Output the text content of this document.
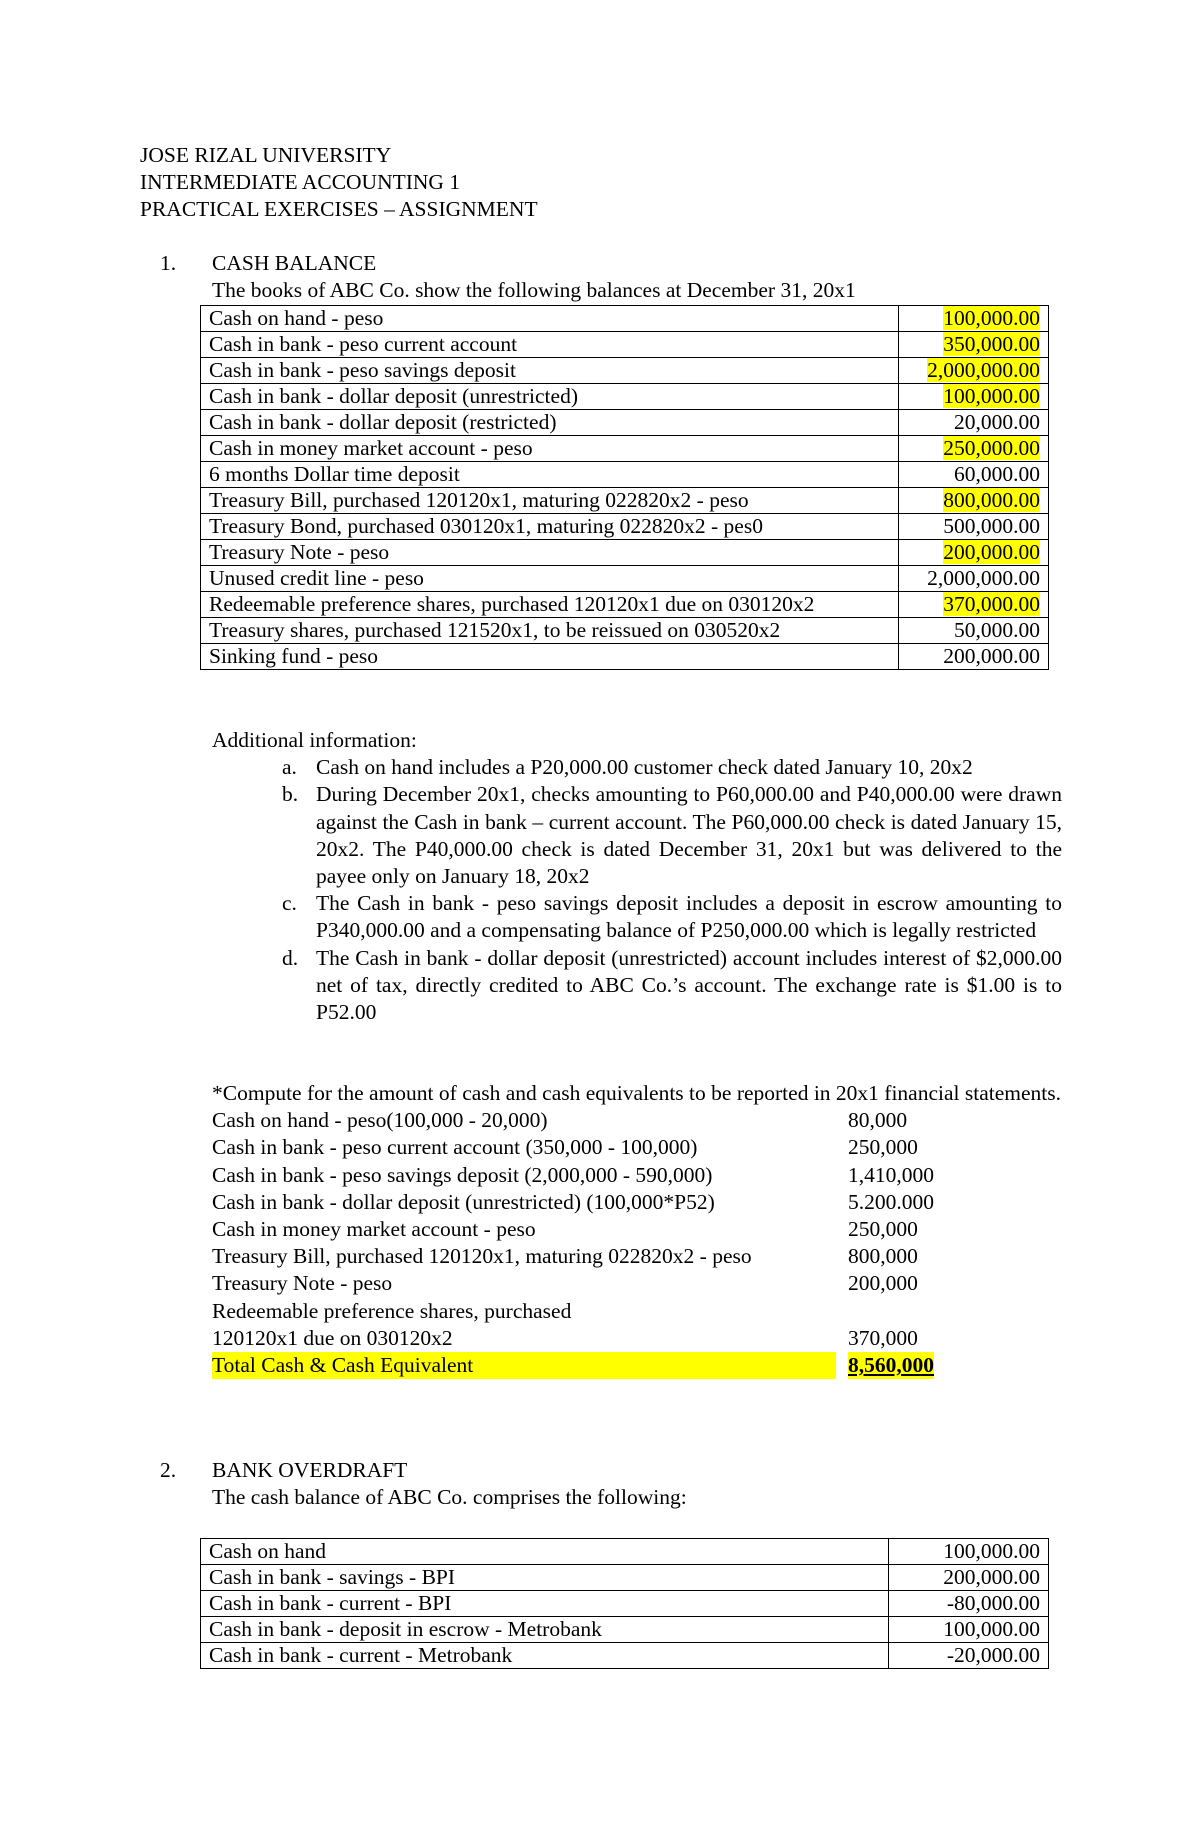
JOSE RIZAL UNIVERSITY
INTERMEDIATE ACCOUNTING 1
PRACTICAL EXERCISES – ASSIGNMENT
1. CASH BALANCE
The books of ABC Co. show the following balances at December 31, 20x1
Cash on hand - peso	100,000.00
Cash in bank - peso current account	350,000.00
Cash in bank - peso savings deposit	2,000,000.00
Cash in bank - dollar deposit (unrestricted)	100,000.00
Cash in bank - dollar deposit (restricted)	20,000.00
Cash in money market account - peso	250,000.00
6 months Dollar time deposit	60,000.00
Treasury Bill, purchased 120120x1, maturing 022820x2 - peso	800,000.00
Treasury Bond, purchased 030120x1, maturing 022820x2 - pes0	500,000.00
Treasury Note - peso	200,000.00
Unused credit line - peso	2,000,000.00
Redeemable preference shares, purchased 120120x1 due on 030120x2	370,000.00
Treasury shares, purchased 121520x1, to be reissued on 030520x2	50,000.00
Sinking fund - peso	200,000.00
Additional information:
a. Cash on hand includes a P20,000.00 customer check dated January 10, 20x2

b. During December 20x1, checks amounting to P60,000.00 and P40,000.00 were drawn against the Cash in bank – current account. The P60,000.00 check is dated January 15, 20x2. The P40,000.00 check is dated December 31, 20x1 but was delivered to the payee only on January 18, 20x2

c. The Cash in bank - peso savings deposit includes a deposit in escrow amounting to P340,000.00 and a compensating balance of P250,000.00 which is legally restricted

d. The Cash in bank - dollar deposit (unrestricted) account includes interest of $2,000.00 net of tax, directly credited to ABC Co.’s account. The exchange rate is $1.00 is to P52.00

*Compute for the amount of cash and cash equivalents to be reported in 20x1 financial statements.
Cash on hand - peso(100,000 - 20,000)	80,000
Cash in bank - peso current account (350,000 - 100,000)	250,000
Cash in bank - peso savings deposit (2,000,000 - 590,000)	1,410,000
Cash in bank - dollar deposit (unrestricted) (100,000*P52)	5.200.000
Cash in money market account - peso	250,000
Treasury Bill, purchased 120120x1, maturing 022820x2 - peso	800,000
Treasury Note - peso	200,000
Redeemable preference shares, purchased
120120x1 due on 030120x2	370,000
Total Cash & Cash Equivalent	8,560,000
2. BANK OVERDRAFT
The cash balance of ABC Co. comprises the following:
Cash on hand	100,000.00
Cash in bank - savings - BPI	200,000.00
Cash in bank - current - BPI	-80,000.00
Cash in bank - deposit in escrow - Metrobank	100,000.00
Cash in bank - current - Metrobank	-20,000.00
